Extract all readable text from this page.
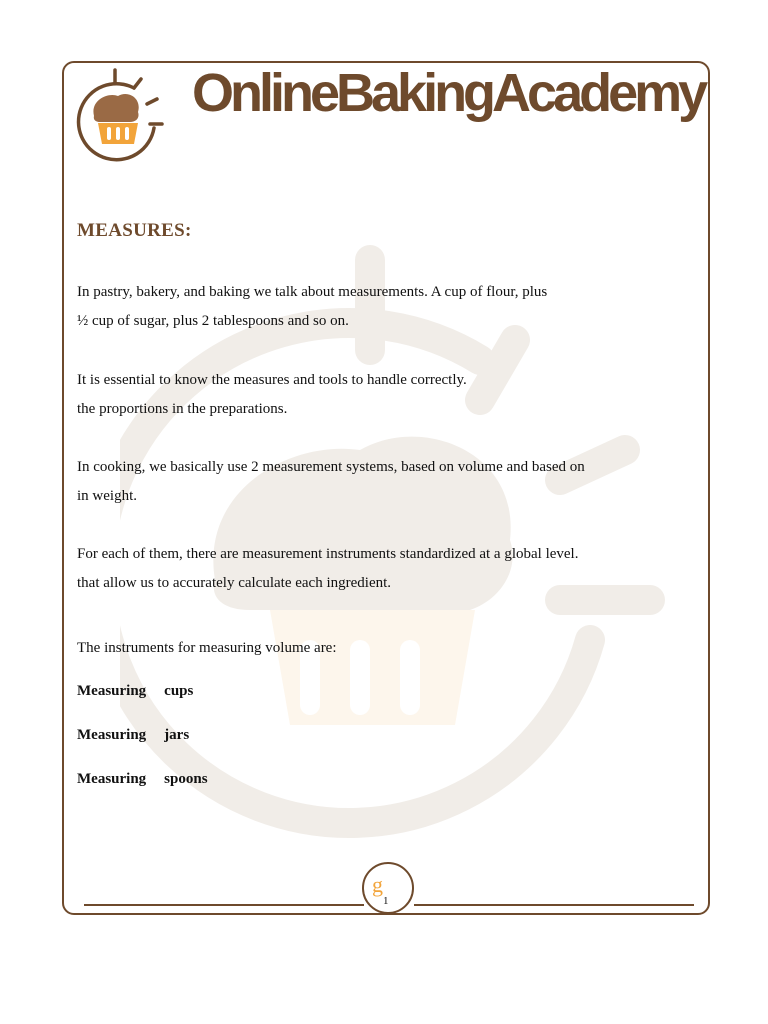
OnlineBakingAcademy
MEASURES:
In pastry, bakery, and baking we talk about measurements. A cup of flour, plus
½ cup of sugar, plus 2 tablespoons and so on.
It is essential to know the measures and tools to handle correctly.
the proportions in the preparations.
In cooking, we basically use 2 measurement systems, based on volume and based on
in weight.
For each of them, there are measurement instruments standardized at a global level.
that allow us to accurately calculate each ingredient.
The instruments for measuring volume are:
Measuring cups
Measuring jars
Measuring spoons
g
1
